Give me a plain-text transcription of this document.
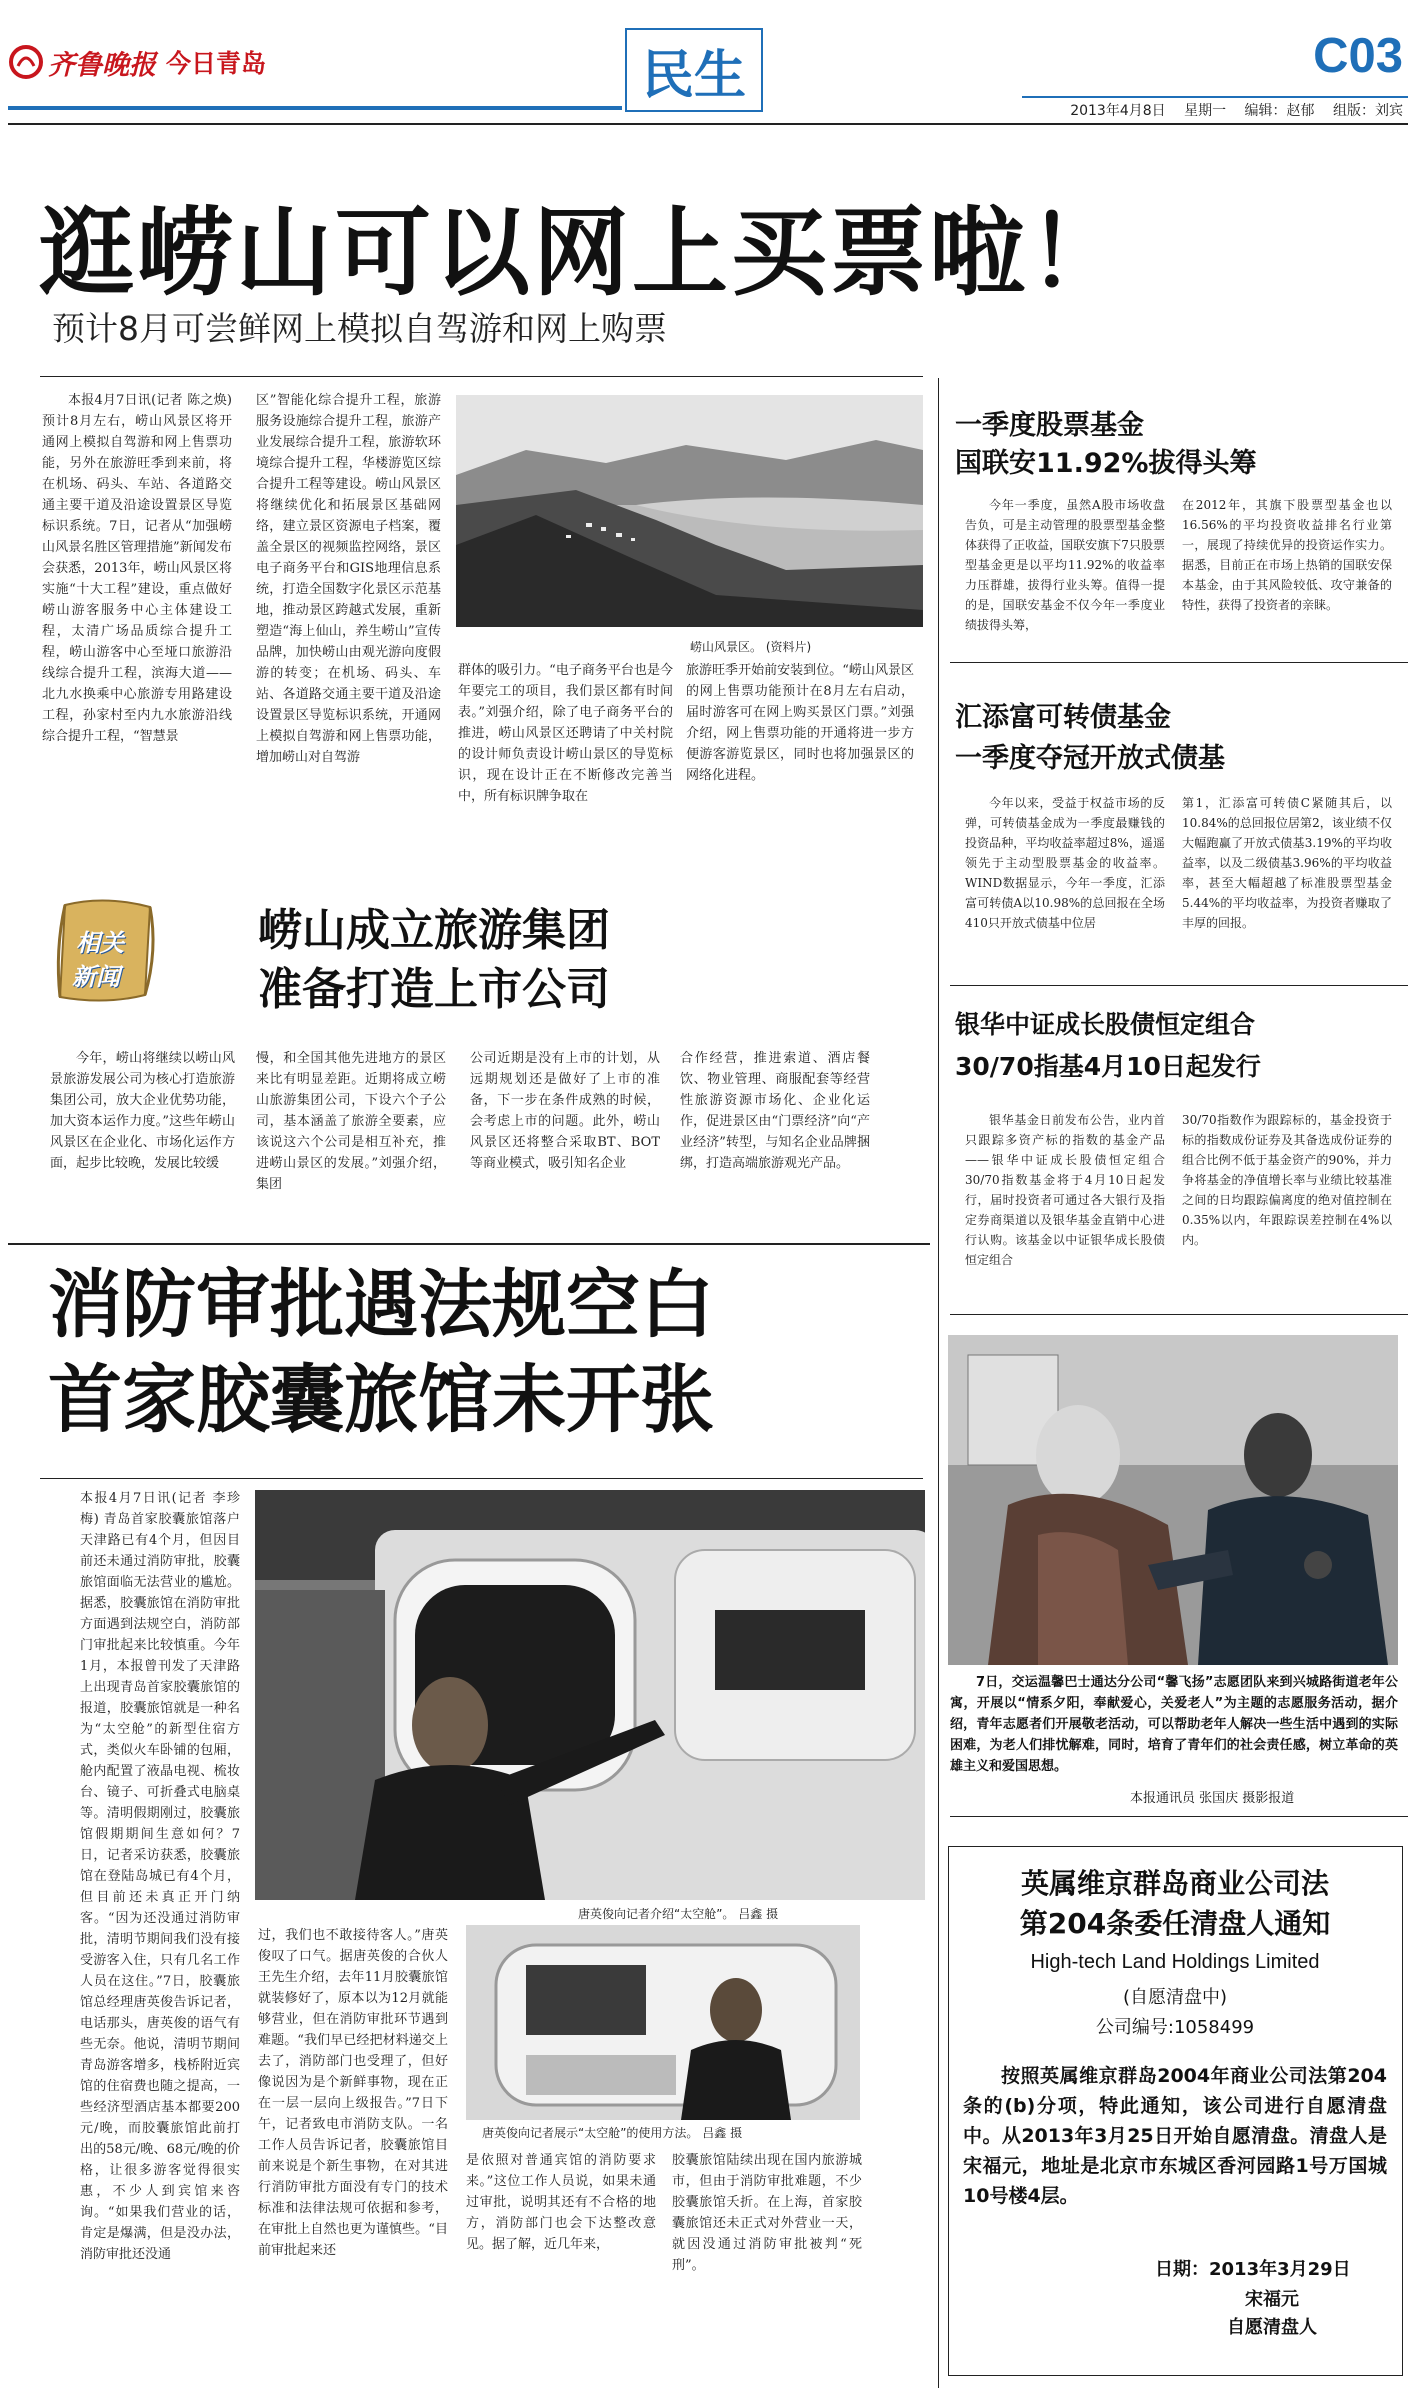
齐鲁晚报 今日青岛	民生	C03
2013年4月8日 星期一 编辑：赵郁 组版：刘宾
逛崂山可以网上买票啦！
预计8月可尝鲜网上模拟自驾游和网上购票

本报4月7日讯(记者 陈之焕) 预计8月左右，崂山风景区将开通网上模拟自驾游和网上售票功能，另外在旅游旺季到来前，将在机场、码头、车站、各道路交通主要干道及沿途设置景区导览标识系统。7日，记者从“加强崂山风景名胜区管理措施”新闻发布会获悉，2013年，崂山风景区将实施“十大工程”建设，重点做好崂山游客服务中心主体建设工程，太清广场品质综合提升工程，崂山游客中心至垭口旅游沿线综合提升工程，滨海大道——北九水换乘中心旅游专用路建设工程，孙家村至内九水旅游沿线综合提升工程，“智慧景

区”智能化综合提升工程，旅游服务设施综合提升工程，旅游产业发展综合提升工程，旅游软环境综合提升工程，华楼游览区综合提升工程等建设。崂山风景区将继续优化和拓展景区基础网络，建立景区资源电子档案，覆盖全景区的视频监控网络，景区电子商务平台和GIS地理信息系统，打造全国数字化景区示范基地，推动景区跨越式发展，重新塑造“海上仙山，养生崂山”宣传品牌，加快崂山由观光游向度假游的转变；在机场、码头、车站、各道路交通主要干道及沿途设置景区导览标识系统，开通网上模拟自驾游和网上售票功能，增加崂山对自驾游

崂山风景区。 (资料片)

群体的吸引力。“电子商务平台也是今年要完工的项目，我们景区都有时间表。”刘强介绍，除了电子商务平台的推进，崂山风景区还聘请了中关村院的设计师负责设计崂山景区的导览标识，现在设计正在不断修改完善当中，所有标识牌争取在

旅游旺季开始前安装到位。“崂山风景区的网上售票功能预计在8月左右启动，届时游客可在网上购买景区门票。”刘强介绍，网上售票功能的开通将进一步方便游客游览景区，同时也将加强景区的网络化进程。

相关
新闻
崂山成立旅游集团
准备打造上市公司

今年，崂山将继续以崂山风景旅游发展公司为核心打造旅游集团公司，放大企业优势功能，加大资本运作力度。”这些年崂山风景区在企业化、市场化运作方面，起步比较晚，发展比较缓

慢，和全国其他先进地方的景区来比有明显差距。近期将成立崂山旅游集团公司，下设六个子公司，基本涵盖了旅游全要素，应该说这六个公司是相互补充，推进崂山景区的发展。”刘强介绍，集团

公司近期是没有上市的计划，从远期规划还是做好了上市的准备，下一步在条件成熟的时候，会考虑上市的问题。此外，崂山风景区还将整合采取BT、BOT等商业模式，吸引知名企业

合作经营，推进索道、酒店餐饮、物业管理、商服配套等经营性旅游资源市场化、企业化运作，促进景区由“门票经济”向“产业经济”转型，与知名企业品牌捆绑，打造高端旅游观光产品。

消防审批遇法规空白
首家胶囊旅馆未开张

本报4月7日讯(记者 李珍梅) 青岛首家胶囊旅馆落户天津路已有4个月，但因目前还未通过消防审批，胶囊旅馆面临无法营业的尴尬。据悉，胶囊旅馆在消防审批方面遇到法规空白，消防部门审批起来比较慎重。今年1月，本报曾刊发了天津路上出现青岛首家胶囊旅馆的报道，胶囊旅馆就是一种名为“太空舱”的新型住宿方式，类似火车卧铺的包厢，舱内配置了液晶电视、梳妆台、镜子、可折叠式电脑桌等。清明假期刚过，胶囊旅馆假期期间生意如何？7日，记者采访获悉，胶囊旅馆在登陆岛城已有4个月，但目前还未真正开门纳客。“因为还没通过消防审批，清明节期间我们没有接受游客入住，只有几名工作人员在这住。”7日，胶囊旅馆总经理唐英俊告诉记者，电话那头，唐英俊的语气有些无奈。他说，清明节期间青岛游客增多，栈桥附近宾馆的住宿费也随之提高，一些经济型酒店基本都要200元/晚，而胶囊旅馆此前打出的58元/晚、68元/晚的价格，让很多游客觉得很实惠，不少人到宾馆来咨询。“如果我们营业的话，肯定是爆满，但是没办法，消防审批还没通

唐英俊向记者介绍“太空舱”。 吕鑫 摄

过，我们也不敢接待客人。”唐英俊叹了口气。据唐英俊的合伙人王先生介绍，去年11月胶囊旅馆就装修好了，原本以为12月就能够营业，但在消防审批环节遇到难题。“我们早已经把材料递交上去了，消防部门也受理了，但好像说因为是个新鲜事物，现在正在一层一层向上级报告。”7日下午，记者致电市消防支队。一名工作人员告诉记者，胶囊旅馆目前来说是个新生事物，在对其进行消防审批方面没有专门的技术标准和法律法规可依据和参考，在审批上自然也更为谨慎些。“目前审批起来还

唐英俊向记者展示“太空舱”的使用方法。 吕鑫 摄

是依照对普通宾馆的消防要求来。”这位工作人员说，如果未通过审批，说明其还有不合格的地方，消防部门也会下达整改意见。据了解，近几年来，

胶囊旅馆陆续出现在国内旅游城市，但由于消防审批难题，不少胶囊旅馆夭折。在上海，首家胶囊旅馆还未正式对外营业一天，就因没通过消防审批被判“死刑”。

一季度股票基金
国联安11.92%拔得头筹

今年一季度，虽然A股市场收盘告负，可是主动管理的股票型基金整体获得了正收益，国联安旗下7只股票型基金更是以平均11.92%的收益率力压群雄，拔得行业头筹。值得一提的是，国联安基金不仅今年一季度业绩拔得头筹，

在2012年，其旗下股票型基金也以16.56%的平均投资收益排名行业第一，展现了持续优异的投资运作实力。据悉，目前正在市场上热销的国联安保本基金，由于其风险较低、攻守兼备的特性，获得了投资者的亲睐。

汇添富可转债基金
一季度夺冠开放式债基

今年以来，受益于权益市场的反弹，可转债基金成为一季度最赚钱的投资品种，平均收益率超过8%，遥遥领先于主动型股票基金的收益率。WIND数据显示，今年一季度，汇添富可转债A以10.98%的总回报在全场410只开放式债基中位居

第1，汇添富可转债C紧随其后，以10.84%的总回报位居第2，该业绩不仅大幅跑赢了开放式债基3.19%的平均收益率，以及二级债基3.96%的平均收益率，甚至大幅超越了标准股票型基金5.44%的平均收益率，为投资者赚取了丰厚的回报。

银华中证成长股债恒定组合
30/70指基4月10日起发行

银华基金日前发布公告，业内首只跟踪多资产标的指数的基金产品——银华中证成长股债恒定组合30/70指数基金将于4月10日起发行，届时投资者可通过各大银行及指定券商渠道以及银华基金直销中心进行认购。该基金以中证银华成长股债恒定组合

30/70指数作为跟踪标的，基金投资于标的指数成份证券及其备选成份证券的组合比例不低于基金资产的90%，并力争将基金的净值增长率与业绩比较基准之间的日均跟踪偏离度的绝对值控制在0.35%以内，年跟踪误差控制在4%以内。

7日，交运温馨巴士通达分公司“馨飞扬”志愿团队来到兴城路街道老年公寓，开展以“情系夕阳，奉献爱心，关爱老人”为主题的志愿服务活动，据介绍，青年志愿者们开展敬老活动，可以帮助老年人解决一些生活中遇到的实际困难，为老人们排忧解难，同时，培育了青年们的社会责任感，树立革命的英雄主义和爱国思想。
本报通讯员 张国庆 摄影报道
英属维京群岛商业公司法
第204条委任清盘人通知
High-tech Land Holdings Limited
(自愿清盘中)
公司编号:1058499
按照英属维京群岛2004年商业公司法第204条的(b)分项，特此通知，该公司进行自愿清盘中。从2013年3月25日开始自愿清盘。清盘人是宋福元，地址是北京市东城区香河园路1号万国城10号楼4层。
日期：2013年3月29日
宋福元
自愿清盘人
